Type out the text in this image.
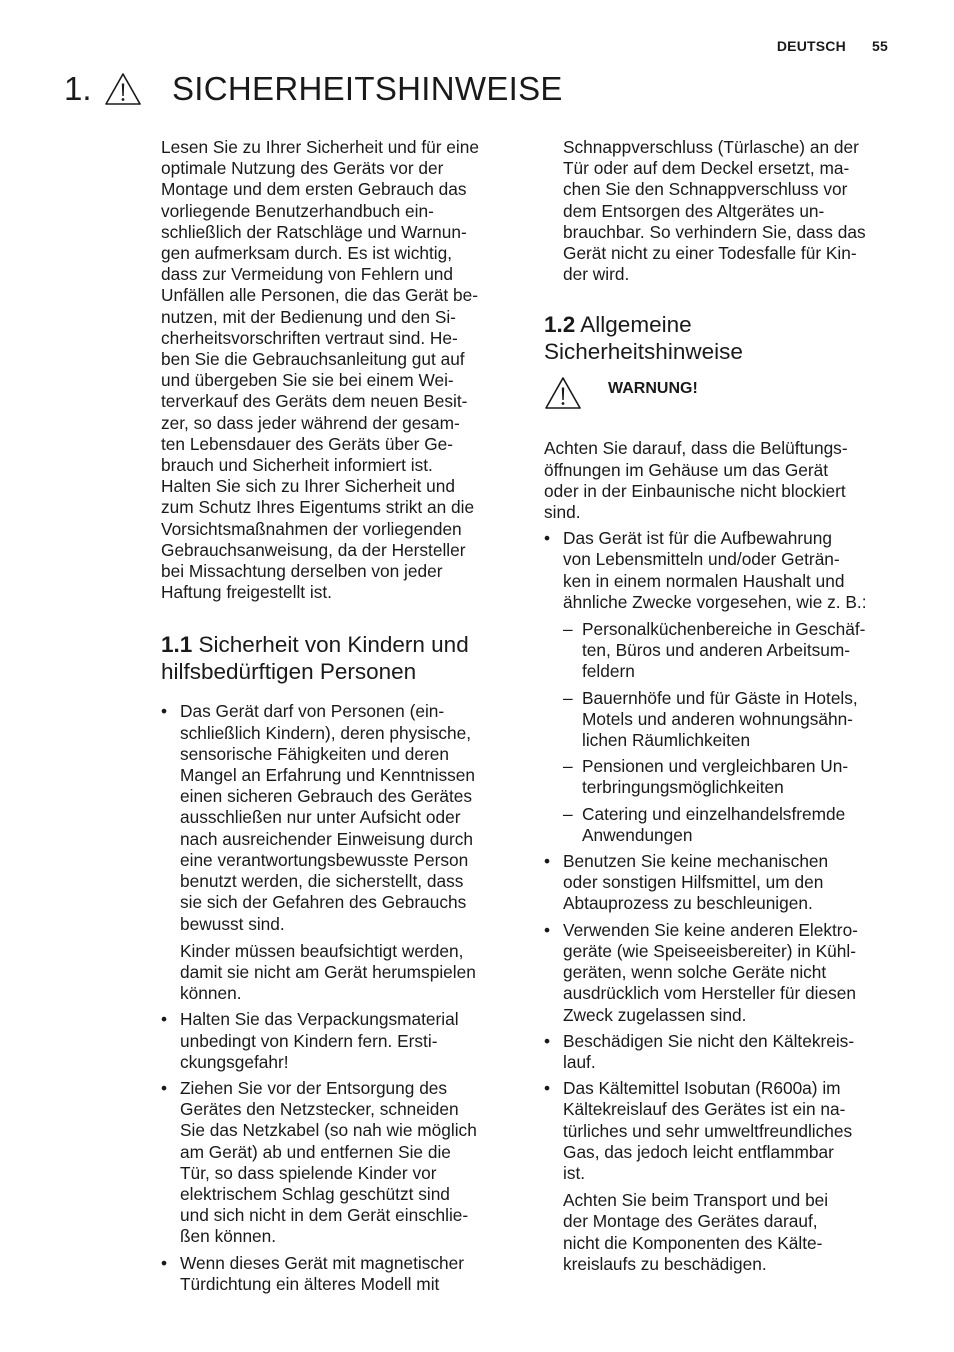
DEUTSCH 55
1.	SICHERHEITSHINWEISE

Lesen Sie zu Ihrer Sicherheit und für eine
optimale Nutzung des Geräts vor der
Montage und dem ersten Gebrauch das
vorliegende Benutzerhandbuch ein-
schließlich der Ratschläge und Warnun-
gen aufmerksam durch. Es ist wichtig,
dass zur Vermeidung von Fehlern und
Unfällen alle Personen, die das Gerät be-
nutzen, mit der Bedienung und den Si-
cherheitsvorschriften vertraut sind. He-
ben Sie die Gebrauchsanleitung gut auf
und übergeben Sie sie bei einem Wei-
terverkauf des Geräts dem neuen Besit-
zer, so dass jeder während der gesam-
ten Lebensdauer des Geräts über Ge-
brauch und Sicherheit informiert ist.
Halten Sie sich zu Ihrer Sicherheit und
zum Schutz Ihres Eigentums strikt an die
Vorsichtsmaßnahmen der vorliegenden
Gebrauchsanweisung, da der Hersteller
bei Missachtung derselben von jeder
Haftung freigestellt ist.

1.1 Sicherheit von Kindern und
hilfsbedürftigen Personen
• Das Gerät darf von Personen (ein-
schließlich Kindern), deren physische,
sensorische Fähigkeiten und deren
Mangel an Erfahrung und Kenntnissen
einen sicheren Gebrauch des Gerätes
ausschließen nur unter Aufsicht oder
nach ausreichender Einweisung durch
eine verantwortungsbewusste Person
benutzt werden, die sicherstellt, dass
sie sich der Gefahren des Gebrauchs
bewusst sind.
Kinder müssen beaufsichtigt werden,
damit sie nicht am Gerät herumspielen
können.
• Halten Sie das Verpackungsmaterial
unbedingt von Kindern fern. Ersti-
ckungsgefahr!
• Ziehen Sie vor der Entsorgung des
Gerätes den Netzstecker, schneiden
Sie das Netzkabel (so nah wie möglich
am Gerät) ab und entfernen Sie die
Tür, so dass spielende Kinder vor
elektrischem Schlag geschützt sind
und sich nicht in dem Gerät einschlie-
ßen können.
• Wenn dieses Gerät mit magnetischer
Türdichtung ein älteres Modell mit

Schnappverschluss (Türlasche) an der
Tür oder auf dem Deckel ersetzt, ma-
chen Sie den Schnappverschluss vor
dem Entsorgen des Altgerätes un-
brauchbar. So verhindern Sie, dass das
Gerät nicht zu einer Todesfalle für Kin-
der wird.

1.2 Allgemeine
Sicherheitshinweise
WARNUNG!

Achten Sie darauf, dass die Belüftungs-
öffnungen im Gehäuse um das Gerät
oder in der Einbaunische nicht blockiert
sind.

• Das Gerät ist für die Aufbewahrung
von Lebensmitteln und/oder Geträn-
ken in einem normalen Haushalt und
ähnliche Zwecke vorgesehen, wie z. B.:
– Personalküchenbereiche in Geschäf-
ten, Büros und anderen Arbeitsum-
feldern
– Bauernhöfe und für Gäste in Hotels,
Motels und anderen wohnungsähn-
lichen Räumlichkeiten
– Pensionen und vergleichbaren Un-
terbringungsmöglichkeiten
– Catering und einzelhandelsfremde
Anwendungen
• Benutzen Sie keine mechanischen
oder sonstigen Hilfsmittel, um den
Abtauprozess zu beschleunigen.
• Verwenden Sie keine anderen Elektro-
geräte (wie Speiseeisbereiter) in Kühl-
geräten, wenn solche Geräte nicht
ausdrücklich vom Hersteller für diesen
Zweck zugelassen sind.
• Beschädigen Sie nicht den Kältekreis-
lauf.
• Das Kältemittel Isobutan (R600a) im
Kältekreislauf des Gerätes ist ein na-
türliches und sehr umweltfreundliches
Gas, das jedoch leicht entflammbar
ist.
Achten Sie beim Transport und bei
der Montage des Gerätes darauf,
nicht die Komponenten des Kälte-
kreislaufs zu beschädigen.
